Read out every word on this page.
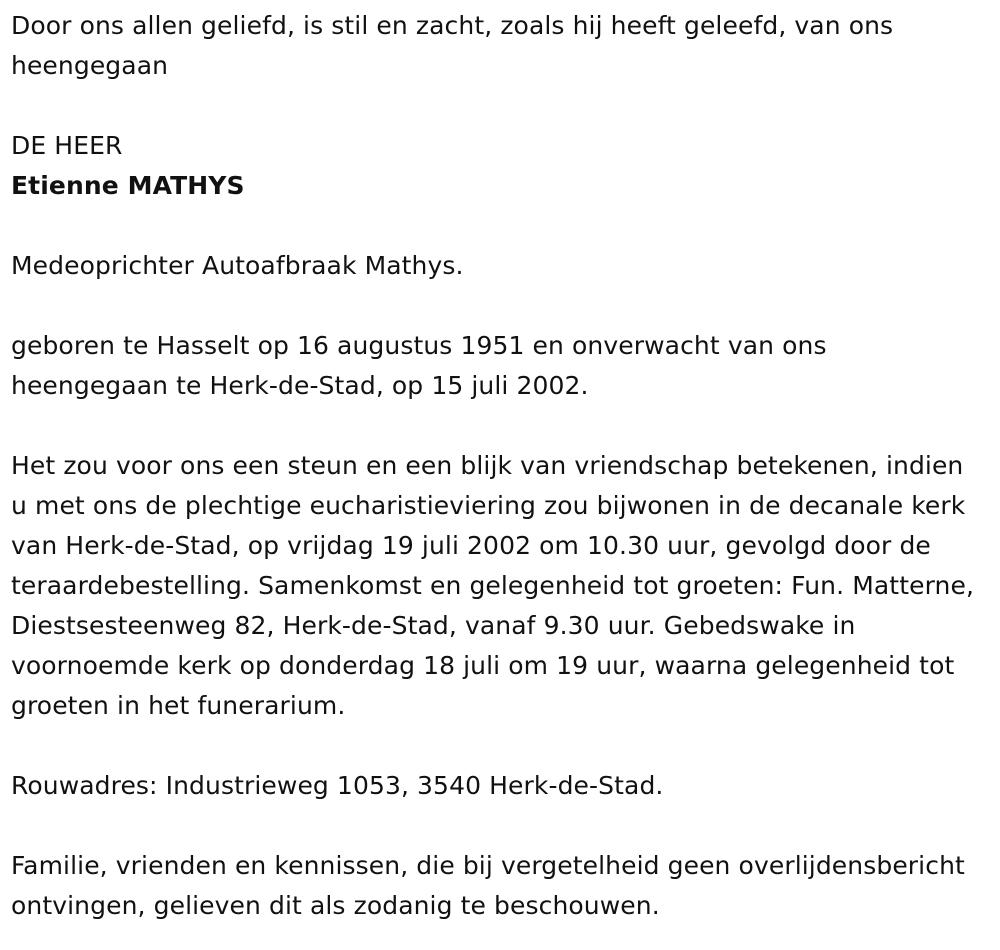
Door ons allen geliefd, is stil en zacht, zoals hij heeft geleefd, van ons heengegaan

DE HEER

Etienne MATHYS

Medeoprichter Autoafbraak Mathys.

geboren te Hasselt op 16 augustus 1951 en onverwacht van ons heengegaan te Herk-de-Stad, op 15 juli 2002.

Het zou voor ons een steun en een blijk van vriendschap betekenen, indien u met ons de plechtige eucharistieviering zou bijwonen in de decanale kerk van Herk-de-Stad, op vrijdag 19 juli 2002 om 10.30 uur, gevolgd door de teraardebestelling. Samenkomst en gelegenheid tot groeten: Fun. Matterne, Diestsesteenweg 82, Herk-de-Stad, vanaf 9.30 uur. Gebedswake in voornoemde kerk op donderdag 18 juli om 19 uur, waarna gelegenheid tot groeten in het funerarium.

Rouwadres: Industrieweg 1053, 3540 Herk-de-Stad.

Familie, vrienden en kennissen, die bij vergetelheid geen overlijdensbericht ontvingen, gelieven dit als zodanig te beschouwen.
